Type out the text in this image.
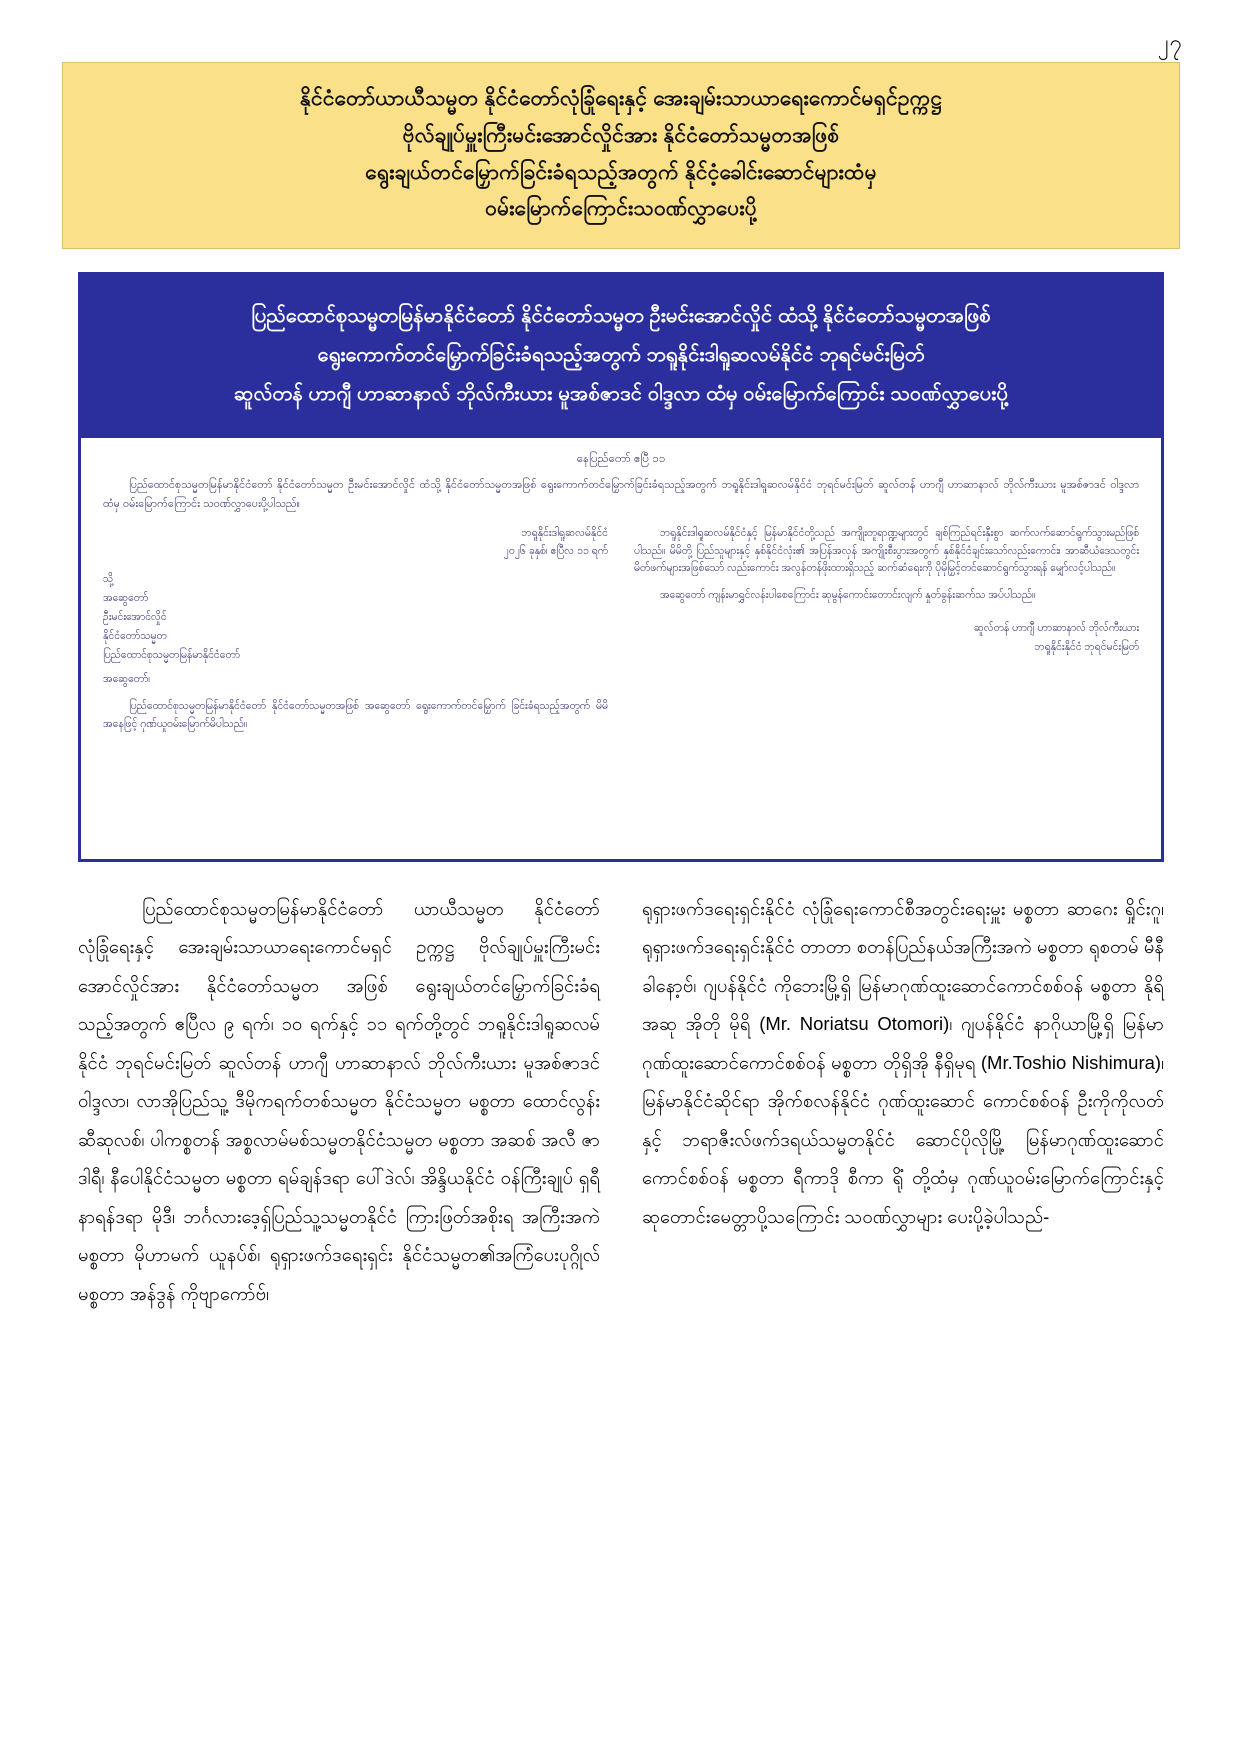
၂၇
နိုင်ငံတော်ယာယီသမ္မတ နိုင်ငံတော်လုံခြုံရေးနှင့် အေးချမ်းသာယာရေးကောင်မရှင်ဥက္ကဋ္ဌ
ဗိုလ်ချုပ်မှူးကြီးမင်းအောင်လှိုင်အား နိုင်ငံတော်သမ္မတအဖြစ်
ရွေးချယ်တင်မြှောက်ခြင်းခံရသည့်အတွက် နိုင်ငံ့ခေါင်းဆောင်များထံမှ
ဝမ်းမြောက်ကြောင်းသဝဏ်လွှာပေးပို့
ပြည်ထောင်စုသမ္မတမြန်မာနိုင်ငံတော် နိုင်ငံတော်သမ္မတ ဦးမင်းအောင်လှိုင် ထံသို့ နိုင်ငံတော်သမ္မတအဖြစ်
ရွေးကောက်တင်မြှောက်ခြင်းခံရသည့်အတွက် ဘရူနိုင်းဒါရူဆလမ်နိုင်ငံ ဘုရင်မင်းမြတ်
ဆူလ်တန် ဟာဂျီ ဟာဆာနာလ် ဘိုလ်ကီးယား မူအစ်ဇာဒင် ဝါဒ္ဒလာ ထံမှ ဝမ်းမြောက်ကြောင်း သဝဏ်လွှာပေးပို့
နေပြည်တော် ဧပြီ ၁၁
ပြည်ထောင်စုသမ္မတမြန်မာနိုင်ငံတော် နိုင်ငံတော်သမ္မတ ဦးမင်းအောင်လှိုင် ထံသို့ နိုင်ငံတော်သမ္မတအဖြစ် ရွေးကောက်တင်မြှောက်ခြင်းခံရသည့်အတွက် ဘရူနိုင်းဒါရူဆလမ်နိုင်ငံ ဘုရင်မင်းမြတ် ဆူလ်တန် ဟာဂျီ ဟာဆာနာလ် ဘိုလ်ကီးယား မူအစ်ဇာဒင် ဝါဒ္ဒလာ ထံမှ ဝမ်းမြောက်ကြောင်း သဝဏ်လွှာပေးပို့ပါသည်။
ဘရူနိုင်းဒါရူဆလမ်နိုင်ငံ
၂၀၂၆ ခုနှစ်၊ ဧပြီလ ၁၁ ရက်
သို့
အဆွေတော်
ဦးမင်းအောင်လှိုင်
နိုင်ငံတော်သမ္မတ
ပြည်ထောင်စုသမ္မတမြန်မာနိုင်ငံတော်

အဆွေတော်၊

ပြည်ထောင်စုသမ္မတမြန်မာနိုင်ငံတော် နိုင်ငံတော်သမ္မတအဖြစ် အဆွေတော် ရွေးကောက်တင်မြှောက် ခြင်းခံရသည့်အတွက် မိမိအနေဖြင့် ဂုဏ်ယူဝမ်းမြောက်မိပါသည်။

ဘရူနိုင်းဒါရူဆလမ်နိုင်ငံနှင့် မြန်မာနိုင်ငံတို့သည် အကျိုးတူရာဏ္ဍများတွင် ချစ်ကြည်ရင်းနှီးစွာ ဆက်လက်ဆောင်ရွက်သွားမည်ဖြစ်ပါသည်။ မိမိတို့ ပြည်သူများနှင့် နှစ်နိုင်ငံလုံး၏ အပြန်အလှန် အကျိုးစီးပွားအတွက် နှစ်နိုင်ငံချင်းသော်လည်းကောင်း၊ အာဆီယံဒေသတွင်း မိတ်ဖက်များအဖြစ်သော် လည်းကောင်း အလွန်တန်ဖိုးထားရှိသည့် ဆက်ဆံရေးကို ပိုမိုမြှင့်တင်ဆောင်ရွက်သွားရန် မျှော်လင့်ပါသည်။

အဆွေတော် ကျန်းမာရွှင်လန်းပါစေကြောင်း ဆုမွန်ကောင်းတောင်းလျက် နှုတ်ခွန်းဆက်သ အပ်ပါသည်။

ဆူလ်တန် ဟာဂျီ ဟာဆာနာလ် ဘိုလ်ကီးယား
ဘရူနိုင်းနိုင်ငံ ဘုရင်မင်းမြတ်

ပြည်ထောင်စုသမ္မတမြန်မာနိုင်ငံတော် ယာယီသမ္မတ နိုင်ငံတော်လုံခြုံရေးနှင့် အေးချမ်းသာယာရေးကောင်မရှင် ဥက္ကဋ္ဌ ဗိုလ်ချုပ်မှူးကြီးမင်းအောင်လှိုင်အား နိုင်ငံတော်သမ္မတ အဖြစ် ရွေးချယ်တင်မြှောက်ခြင်းခံရသည့်အတွက် ဧပြီလ ၉ ရက်၊ ၁၀ ရက်နှင့် ၁၁ ရက်တို့တွင် ဘရူနိုင်းဒါရူဆလမ်နိုင်ငံ ဘုရင်မင်းမြတ် ဆူလ်တန် ဟာဂျီ ဟာဆာနာလ် ဘိုလ်ကီးယား မူအစ်ဇာဒင် ဝါဒ္ဒလာ၊ လာအိုပြည်သူ့ ဒီမိုကရက်တစ်သမ္မတ နိုင်ငံသမ္မတ မစ္စတာ ထောင်လွန်း ဆီဆုလစ်၊ ပါကစ္စတန် အစ္စလာမ်မစ်သမ္မတနိုင်ငံသမ္မတ မစ္စတာ အဆစ် အလီ ဇာဒါရီ၊ နီပေါနိုင်ငံသမ္မတ မစ္စတာ ရမ်ချန်ဒရာ ပေါ်ဒဲလ်၊ အိန္ဒိယနိုင်ငံ ဝန်ကြီးချုပ် ရှရီ နာရန်ဒရာ မိုဒီ၊ ဘင်္ဂလားဒေ့ရှ်ပြည်သူ့သမ္မတနိုင်ငံ ကြားဖြတ်အစိုးရ အကြီးအကဲ မစ္စတာ မိုဟာမက် ယူနပ်စ်၊ ရုရှားဖက်ဒရေးရှင်း နိုင်ငံသမ္မတ၏အကြံပေးပုဂ္ဂိုလ် မစ္စတာ အန်ဒွန် ကိုဗျာကော်ဗ်၊

ရုရှားဖက်ဒရေးရှင်းနိုင်ငံ လုံခြုံရေးကောင်စီအတွင်းရေးမှူး မစ္စတာ ဆာဂေး ရှိုင်းဂူ၊ ရုရှားဖက်ဒရေးရှင်းနိုင်ငံ တာတာ စတန်ပြည်နယ်အကြီးအကဲ မစ္စတာ ရုစတမ် မီနီခါနော့ဗ်၊ ဂျပန်နိုင်ငံ ကိုဘေးမြို့ရှိ မြန်မာဂုဏ်ထူးဆောင်ကောင်စစ်ဝန် မစ္စတာ နိုရိအဆု အိုတို မိုရိ (Mr. Noriatsu Otomori)၊ ဂျပန်နိုင်ငံ နာဂိုယာမြို့ရှိ မြန်မာဂုဏ်ထူးဆောင်ကောင်စစ်ဝန် မစ္စတာ တိုရှိအို နီရှိမုရ (Mr.Toshio Nishimura)၊ မြန်မာနိုင်ငံဆိုင်ရာ အိုက်စလန်နိုင်ငံ ဂုဏ်ထူးဆောင် ကောင်စစ်ဝန် ဦးကိုကိုလတ်နှင့် ဘရာဇီးလ်ဖက်ဒရယ်သမ္မတနိုင်ငံ ဆောင်ပိုလိုမြို့ မြန်မာဂုဏ်ထူးဆောင်ကောင်စစ်ဝန် မစ္စတာ ရီကာဒို စီကာ ရိုံ တို့ထံမှ ဂုဏ်ယူဝမ်းမြောက်ကြောင်းနှင့် ဆုတောင်းမေတ္တာပို့သကြောင်း သဝဏ်လွှာများ ပေးပို့ခဲ့ပါသည်-
